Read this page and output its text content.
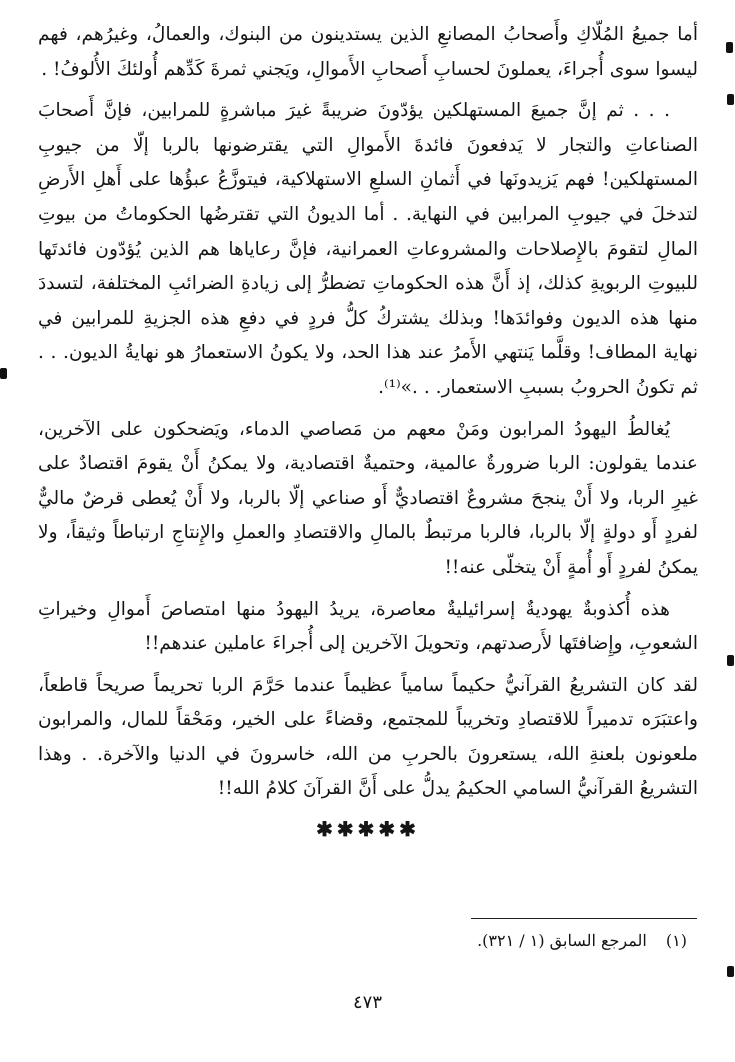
أما جميعُ المُلّاكِ وأَصحابُ المصانعِ الذين يستدينون من البنوك، والعمالُ، وغيرُهم، فهم ليسوا سوى أُجراءَ، يعملونَ لحسابِ أَصحابِ الأَموالِ، ويَجني ثمرةَ كَدِّهم أُولئكَ الأُلوفُ! .

. . . ثم إنَّ جميعَ المستهلكين يؤدّونَ ضريبةً غيرَ مباشرةٍ للمرابين، فإنَّ أَصحابَ الصناعاتِ والتجار لا يَدفعونَ فائدةَ الأَموالِ التي يقترضونها بالربا إلّا من جيوبِ المستهلكين! فهم يَزيدونَها في أَثمانِ السلعِ الاستهلاكية، فيتوزَّعُ عبؤُها على أَهلِ الأَرضِ لتدخلَ في جيوبِ المرابين في النهاية. . أما الديونُ التي تقترضُها الحكوماتُ من بيوتِ المالِ لتقومَ بالإِصلاحات والمشروعاتِ العمرانية، فإنَّ رعاياها هم الذين يُؤدّون فائدتَها للبيوتِ الربويةِ كذلك، إذ أَنَّ هذه الحكوماتِ تضطرُّ إلى زيادةِ الضرائبِ المختلفة، لتسددَ منها هذه الديون وفوائدَها! وبذلك يشتركُ كلُّ فردٍ في دفعِ هذه الجزيةِ للمرابين في نهاية المطاف! وقلَّما يَنتهي الأَمرُ عند هذا الحد، ولا يكونُ الاستعمارُ هو نهايةُ الديون. . . ثم تكونُ الحروبُ بسببِ الاستعمار. . .»⁽¹⁾.

يُغالطُ اليهودُ المرابون ومَنْ معهم من مَصاصي الدماء، ويَضحكون على الآخرين، عندما يقولون: الربا ضرورةٌ عالمية، وحتميةٌ اقتصادية، ولا يمكنُ أَنْ يقومَ اقتصادٌ على غيرِ الربا، ولا أَنْ ينجحَ مشروعٌ اقتصاديٌّ أَو صناعي إلّا بالربا، ولا أَنْ يُعطى قرضٌ ماليٌّ لفردٍ أَو دولةٍ إلّا بالربا، فالربا مرتبطٌ بالمالِ والاقتصادِ والعملِ والإِنتاجِ ارتباطاً وثيقاً، ولا يمكنُ لفردٍ أَو أُمةٍ أَنْ يتخلّى عنه!!

هذه أُكذوبةٌ يهوديةٌ إسرائيليةٌ معاصرة، يريدُ اليهودُ منها امتصاصَ أَموالِ وخيراتِ الشعوبِ، وإِضافتَها لأَرصدتهم، وتحويلَ الآخرين إلى أُجراءَ عاملين عندهم!!

لقد كان التشريعُ القرآنيُّ حكيماً سامياً عظيماً عندما حَرَّمَ الربا تحريماً صريحاً قاطعاً، واعتبَرَه تدميراً للاقتصادِ وتخريباً للمجتمع، وقضاءً على الخير، ومَحْقاً للمال، والمرابون ملعونون بلعنةِ الله، يستعرونَ بالحربِ من الله، خاسرونَ في الدنيا والآخرة. . وهذا التشريعُ القرآنيُّ السامي الحكيمُ يدلُّ على أَنَّ القرآنَ كلامُ الله!!

✱✱✱✱✱
(١) المرجع السابق (١ / ٣٢١).
٤٧٣
